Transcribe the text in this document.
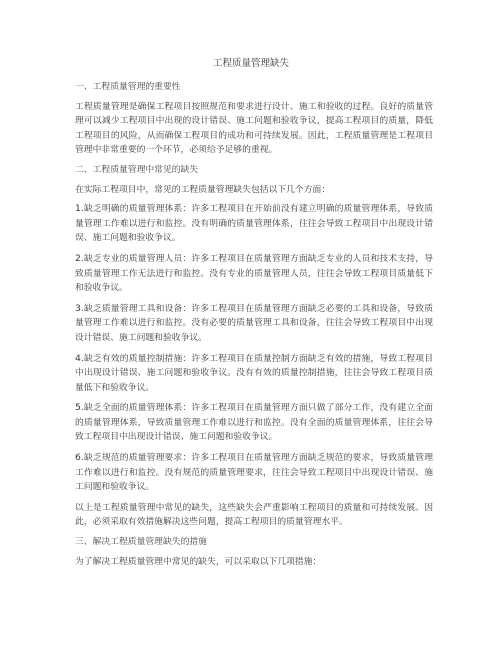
工程质量管理缺失

一、工程质量管理的重要性

工程质量管理是确保工程项目按照规范和要求进行设计、施工和验收的过程。良好的质量管理可以减少工程项目中出现的设计错误、施工问题和验收争议，提高工程项目的质量，降低工程项目的风险，从而确保工程项目的成功和可持续发展。因此，工程质量管理是工程项目管理中非常重要的一个环节，必须给予足够的重视。

二、工程质量管理中常见的缺失

在实际工程项目中，常见的工程质量管理缺失包括以下几个方面：

1.缺乏明确的质量管理体系：许多工程项目在开始前没有建立明确的质量管理体系，导致质量管理工作难以进行和监控。没有明确的质量管理体系，往往会导致工程项目中出现设计错误、施工问题和验收争议。

2.缺乏专业的质量管理人员：许多工程项目在质量管理方面缺乏专业的人员和技术支持，导致质量管理工作无法进行和监控。没有专业的质量管理人员，往往会导致工程项目质量低下和验收争议。

3.缺乏质量管理工具和设备：许多工程项目在质量管理方面缺乏必要的工具和设备，导致质量管理工作难以进行和监控。没有必要的质量管理工具和设备，往往会导致工程项目中出现设计错误、施工问题和验收争议。

4.缺乏有效的质量控制措施：许多工程项目在质量控制方面缺乏有效的措施，导致工程项目中出现设计错误、施工问题和验收争议。没有有效的质量控制措施，往往会导致工程项目质量低下和验收争议。

5.缺乏全面的质量管理体系：许多工程项目在质量管理方面只做了部分工作，没有建立全面的质量管理体系，导致质量管理工作难以进行和监控。没有全面的质量管理体系，往往会导致工程项目中出现设计错误、施工问题和验收争议。

6.缺乏规范的质量管理要求：许多工程项目在质量管理方面缺乏规范的要求，导致质量管理工作难以进行和监控。没有规范的质量管理要求，往往会导致工程项目中出现设计错误、施工问题和验收争议。

以上是工程质量管理中常见的缺失，这些缺失会严重影响工程项目的质量和可持续发展。因此，必须采取有效措施解决这些问题，提高工程项目的质量管理水平。

三、解决工程质量管理缺失的措施

为了解决工程质量管理中常见的缺失，可以采取以下几项措施：
